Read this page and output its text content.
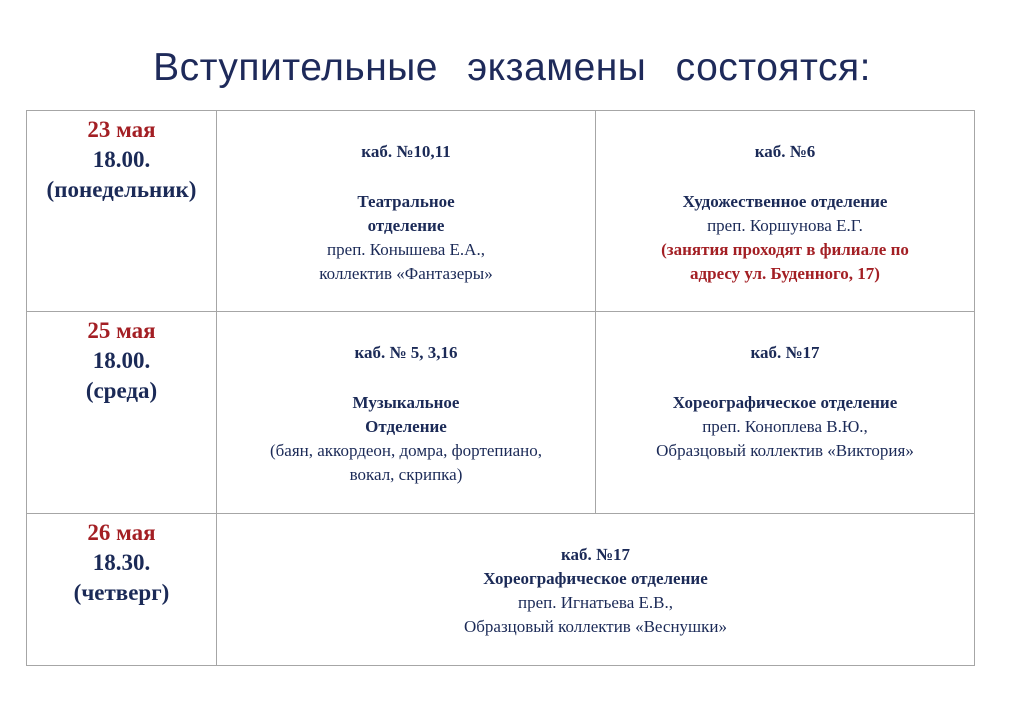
Вступительные экзамены состоятся:
23 мая
18.00.
(понедельник)	каб. №10,11
Театральное
отделение
преп. Конышева Е.А.,
коллектив «Фантазеры»	каб. №6
Художественное отделение
преп. Коршунова Е.Г.
(занятия проходят в филиале по
адресу ул. Буденного, 17)

25 мая
18.00.
(среда)	каб. № 5, 3,16
Музыкальное
Отделение
(баян, аккордеон, домра, фортепиано,
вокал, скрипка)	каб. №17
Хореографическое отделение
преп. Коноплева В.Ю.,
Образцовый коллектив «Виктория»

26 мая
18.30.
(четверг)	каб. №17
Хореографическое отделение
преп. Игнатьева Е.В.,
Образцовый коллектив «Веснушки»	
